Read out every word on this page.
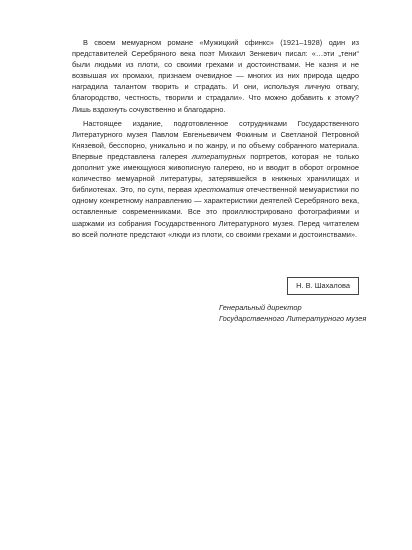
В своем мемуарном романе «Мужицкий сфинкс» (1921–1928) один из представителей Серебряного века поэт Михаил Зенкевич писал: «…эти „тени“ были людьми из плоти, со своими грехами и достоинствами. Не казня и не возвышая их промахи, признаем очевидное — многих из них природа щедро наградила талантом творить и страдать. И они, используя личную отвагу, благородство, честность, творили и страдали». Что можно добавить к этому? Лишь вздохнуть сочувственно и благодарно.

Настоящее издание, подготовленное сотрудниками Государственного Литературного музея Павлом Евгеньевичем Фокиным и Светланой Петровной Князевой, бесспорно, уникально и по жанру, и по объему собранного материала. Впервые представлена галерея литературных портретов, которая не только дополнит уже имеющуюся живописную галерею, но и вводит в оборот огромное количество мемуарной литературы, затерявшейся в книжных хранилищах и библиотеках. Это, по сути, первая хрестоматия отечественной мемуаристики по одному конкретному направлению — характеристики деятелей Серебряного века, оставленные современниками. Все это проиллюстрировано фотографиями и шаржами из собрания Государственного Литературного музея. Перед читателем во всей полноте предстают «люди из плоти, со своими грехами и достоинствами».

Н. В. Шахалова
Генеральный директор
Государственного Литературного музея
